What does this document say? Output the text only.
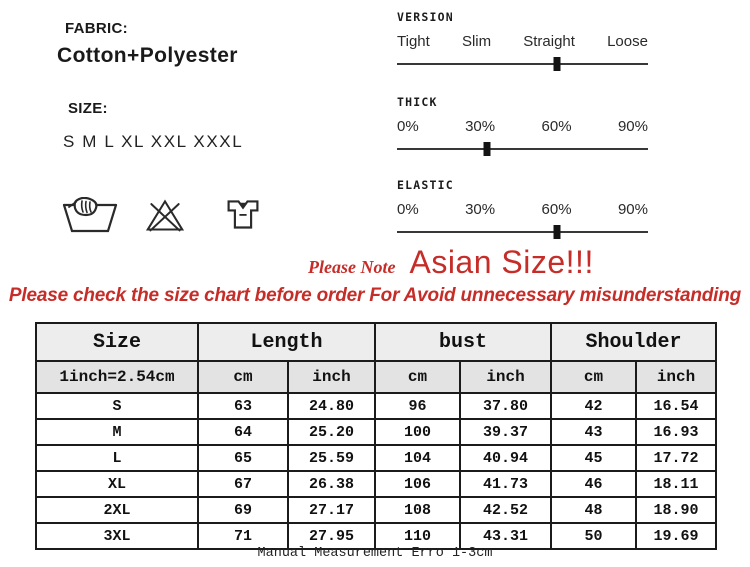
FABRIC:
Cotton+Polyester
SIZE:
S M L XL XXL XXXL
VERSION
Tight Slim Straight Loose
THICK
0%	30%	60%	90%
ELASTIC
0%	30%	60%	90%
Please Note Asian Size!!!
Please check the size chart before order For Avoid unnecessary misunderstanding
Size	Length		bust		Shoulder	
1inch=2.54cm	cm	inch	cm	inch	cm	inch
S	63	24.80	96	37.80	42	16.54
M	64	25.20	100	39.37	43	16.93
L	65	25.59	104	40.94	45	17.72
XL	67	26.38	106	41.73	46	18.11
2XL	69	27.17	108	42.52	48	18.90
3XL	71	27.95	110	43.31	50	19.69
Manual Measurement Erro 1-3cm
